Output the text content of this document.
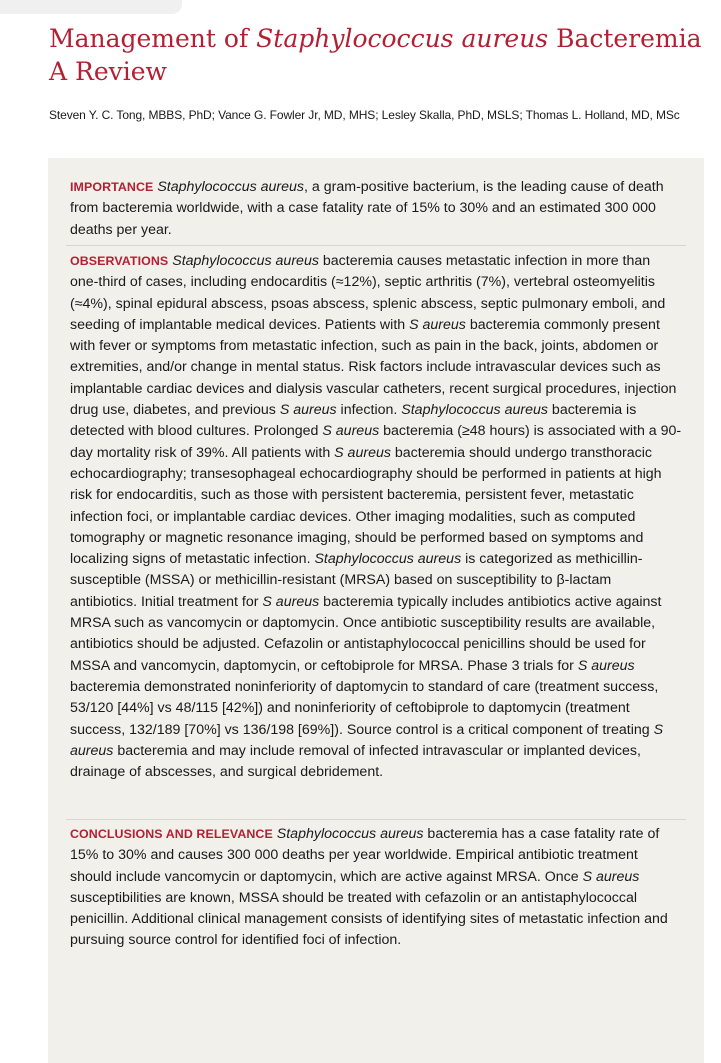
Management of Staphylococcus aureus Bacteremia
A Review
Steven Y. C. Tong, MBBS, PhD; Vance G. Fowler Jr, MD, MHS; Lesley Skalla, PhD, MSLS; Thomas L. Holland, MD, MSc

IMPORTANCE Staphylococcus aureus, a gram-positive bacterium, is the leading cause of death from bacteremia worldwide, with a case fatality rate of 15% to 30% and an estimated 300 000 deaths per year.

OBSERVATIONS Staphylococcus aureus bacteremia causes metastatic infection in more than one-third of cases, including endocarditis (≈12%), septic arthritis (7%), vertebral osteomyelitis (≈4%), spinal epidural abscess, psoas abscess, splenic abscess, septic pulmonary emboli, and seeding of implantable medical devices. Patients with S aureus bacteremia commonly present with fever or symptoms from metastatic infection, such as pain in the back, joints, abdomen or extremities, and/or change in mental status. Risk factors include intravascular devices such as implantable cardiac devices and dialysis vascular catheters, recent surgical procedures, injection drug use, diabetes, and previous S aureus infection. Staphylococcus aureus bacteremia is detected with blood cultures. Prolonged S aureus bacteremia (≥48 hours) is associated with a 90-day mortality risk of 39%. All patients with S aureus bacteremia should undergo transthoracic echocardiography; transesophageal echocardiography should be performed in patients at high risk for endocarditis, such as those with persistent bacteremia, persistent fever, metastatic infection foci, or implantable cardiac devices. Other imaging modalities, such as computed tomography or magnetic resonance imaging, should be performed based on symptoms and localizing signs of metastatic infection. Staphylococcus aureus is categorized as methicillin-susceptible (MSSA) or methicillin-resistant (MRSA) based on susceptibility to β-lactam antibiotics. Initial treatment for S aureus bacteremia typically includes antibiotics active against MRSA such as vancomycin or daptomycin. Once antibiotic susceptibility results are available, antibiotics should be adjusted. Cefazolin or antistaphylococcal penicillins should be used for MSSA and vancomycin, daptomycin, or ceftobiprole for MRSA. Phase 3 trials for S aureus bacteremia demonstrated noninferiority of daptomycin to standard of care (treatment success, 53/120 [44%] vs 48/115 [42%]) and noninferiority of ceftobiprole to daptomycin (treatment success, 132/189 [70%] vs 136/198 [69%]). Source control is a critical component of treating S aureus bacteremia and may include removal of infected intravascular or implanted devices, drainage of abscesses, and surgical debridement.

CONCLUSIONS AND RELEVANCE Staphylococcus aureus bacteremia has a case fatality rate of 15% to 30% and causes 300 000 deaths per year worldwide. Empirical antibiotic treatment should include vancomycin or daptomycin, which are active against MRSA. Once S aureus susceptibilities are known, MSSA should be treated with cefazolin or an antistaphylococcal penicillin. Additional clinical management consists of identifying sites of metastatic infection and pursuing source control for identified foci of infection.
